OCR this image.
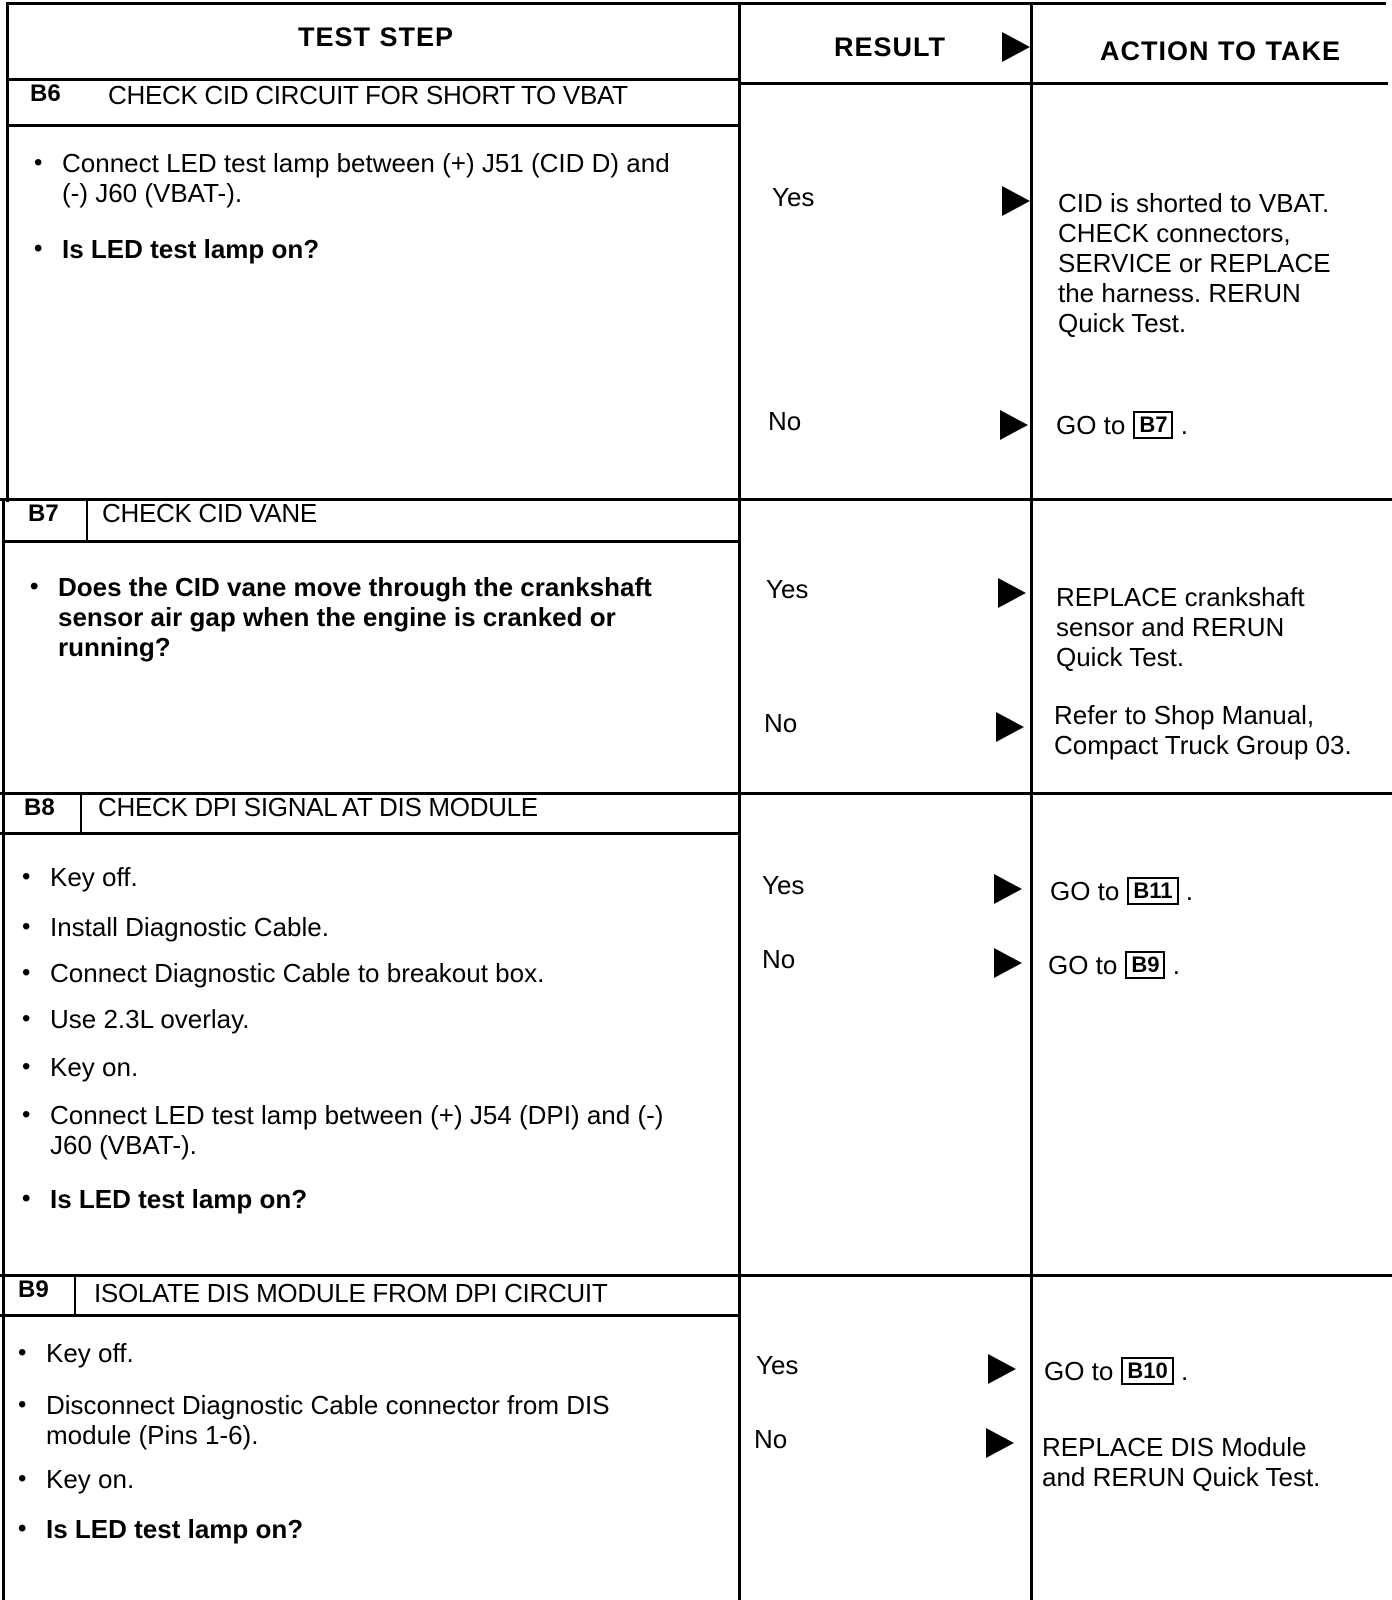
TEST STEP	RESULT	ACTION TO TAKE
B6 CHECK CID CIRCUIT FOR SHORT TO VBAT
• Connect LED test lamp between (+) J51 (CID D) and (-) J60 (VBAT-).
• Is LED test lamp on?
Yes	CID is shorted to VBAT. CHECK connectors, SERVICE or REPLACE the harness. RERUN Quick Test.
No	GO to B7 .
B7 CHECK CID VANE
• Does the CID vane move through the crankshaft sensor air gap when the engine is cranked or running?
Yes	REPLACE crankshaft sensor and RERUN Quick Test.
No	Refer to Shop Manual, Compact Truck Group 03.
B8 CHECK DPI SIGNAL AT DIS MODULE
• Key off.
• Install Diagnostic Cable.
• Connect Diagnostic Cable to breakout box.
• Use 2.3L overlay.
• Key on.
• Connect LED test lamp between (+) J54 (DPI) and (-) J60 (VBAT-).
• Is LED test lamp on?
Yes	GO to B11 .
No	GO to B9 .
B9 ISOLATE DIS MODULE FROM DPI CIRCUIT
• Key off.
• Disconnect Diagnostic Cable connector from DIS module (Pins 1-6).
• Key on.
• Is LED test lamp on?
Yes	GO to B10 .
No	REPLACE DIS Module and RERUN Quick Test.
